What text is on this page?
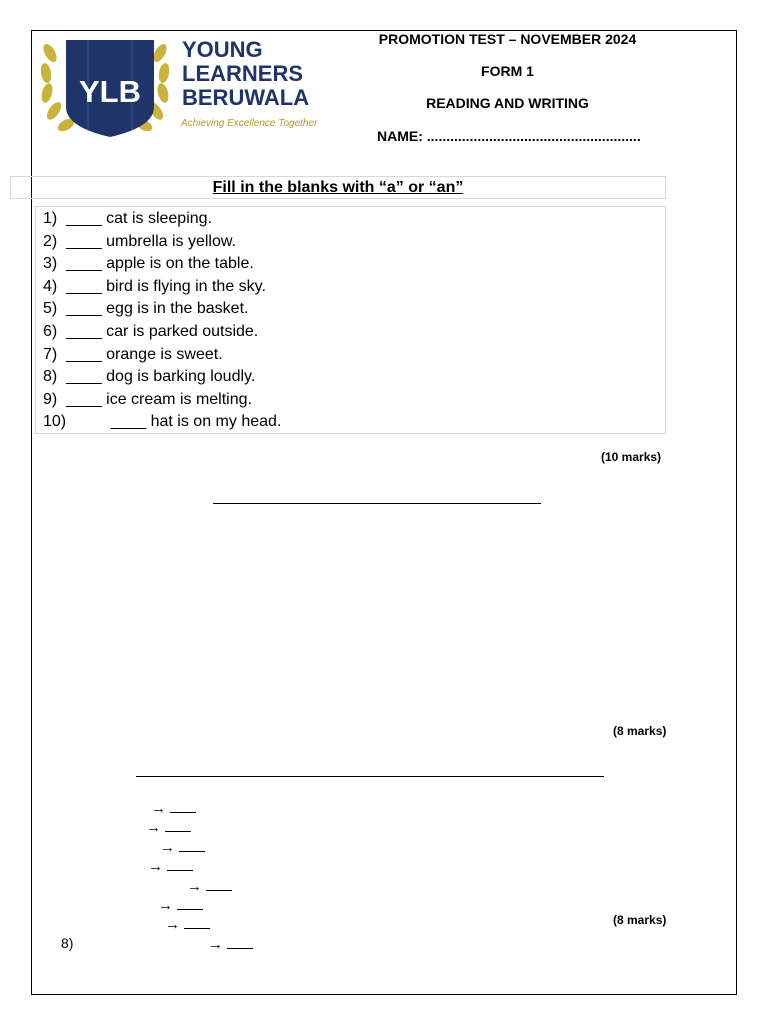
YLB
YOUNG
LEARNERS
BERUWALA
Achieving Excellence Together
PROMOTION TEST – NOVEMBER 2024
FORM 1
READING AND WRITING
NAME: .......................................................
Fill in the blanks with “a” or “an”
1)  ____ cat is sleeping.
2)  ____ umbrella is yellow.
3)  ____ apple is on the table.
4)  ____ bird is flying in the sky.
5)  ____ egg is in the basket.
6)  ____ car is parked outside.
7)  ____ orange is sweet.
8)  ____ dog is barking loudly.
9)  ____ ice cream is melting.
10)          ____ hat is on my head.
(10 marks)
(8 marks)
→
→
→
→
→
→
→
→
(8 marks)
8)
